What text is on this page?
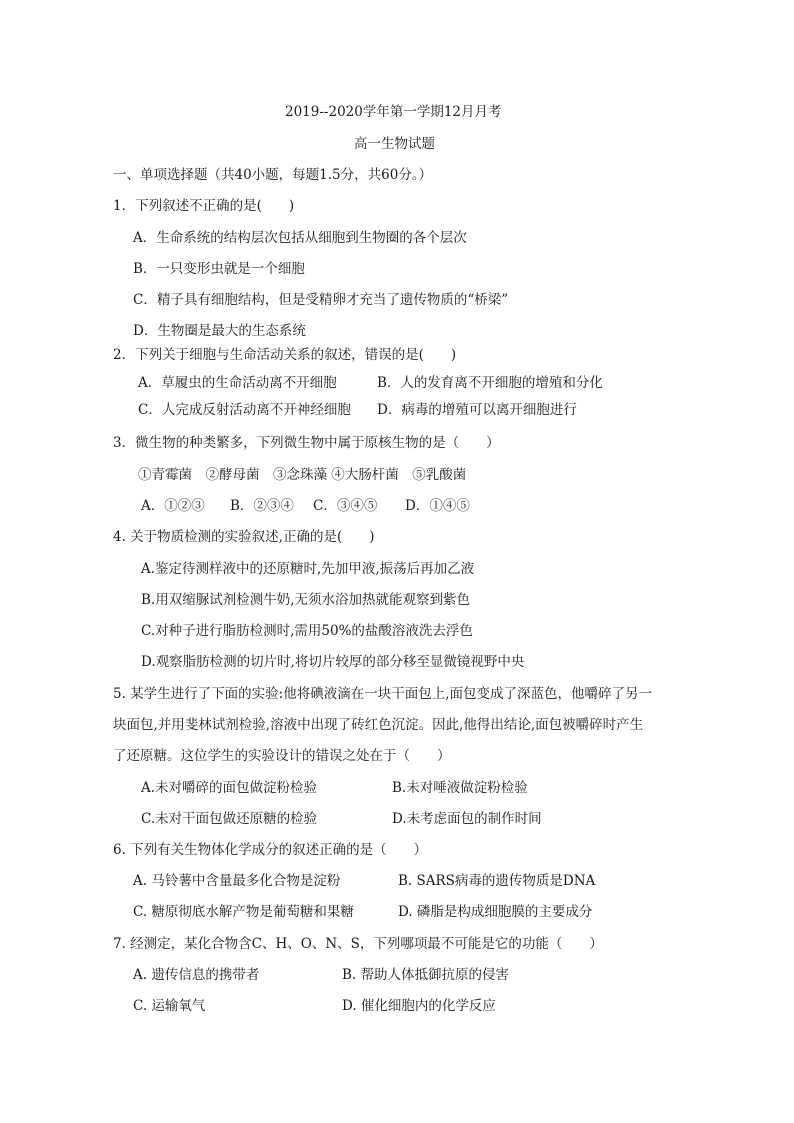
2019--2020学年第一学期12月月考
高一生物试题
一、单项选择题（共40小题，每题1.5分，共60分。）
1．下列叙述不正确的是(　　)
A．生命系统的结构层次包括从细胞到生物圈的各个层次
B．一只变形虫就是一个细胞
C．精子具有细胞结构，但是受精卵才充当了遗传物质的“桥梁”
D．生物圈是最大的生态系统
2．下列关于细胞与生命活动关系的叙述，错误的是(　　)
A．草履虫的生命活动离不开细胞	B．人的发育离不开细胞的增殖和分化
C．人完成反射活动离不开神经细胞 D．病毒的增殖可以离开细胞进行
3．微生物的种类繁多，下列微生物中属于原核生物的是（　　）
①青霉菌　②酵母菌　③念珠藻 ④大肠杆菌　⑤乳酸菌
A．①②③ B．②③④ C．③④⑤ D．①④⑤
4. 关于物质检测的实验叙述,正确的是(　　)
A.鉴定待测样液中的还原糖时,先加甲液,振荡后再加乙液
B.用双缩脲试剂检测牛奶,无须水浴加热就能观察到紫色
C.对种子进行脂肪检测时,需用50%的盐酸溶液洗去浮色
D.观察脂肪检测的切片时,将切片较厚的部分移至显微镜视野中央
5. 某学生进行了下面的实验:他将碘液滴在一块干面包上,面包变成了深蓝色，他嚼碎了另一
块面包,并用斐林试剂检验,溶液中出现了砖红色沉淀。因此,他得出结论,面包被嚼碎时产生
了还原糖。这位学生的实验设计的错误之处在于（　　）
A.未对嚼碎的面包做淀粉检验	B.未对唾液做淀粉检验
C.未对干面包做还原糖的检验	D.未考虑面包的制作时间
6. 下列有关生物体化学成分的叙述正确的是（　　）
A. 马铃薯中含量最多化合物是淀粉	B. SARS病毒的遗传物质是DNA
C. 糖原彻底水解产物是葡萄糖和果糖	D. 磷脂是构成细胞膜的主要成分
7. 经测定，某化合物含C、H、O、N、S，下列哪项最不可能是它的功能（　　）
A. 遗传信息的携带者	B. 帮助人体抵御抗原的侵害
C. 运输氧气	D. 催化细胞内的化学反应
